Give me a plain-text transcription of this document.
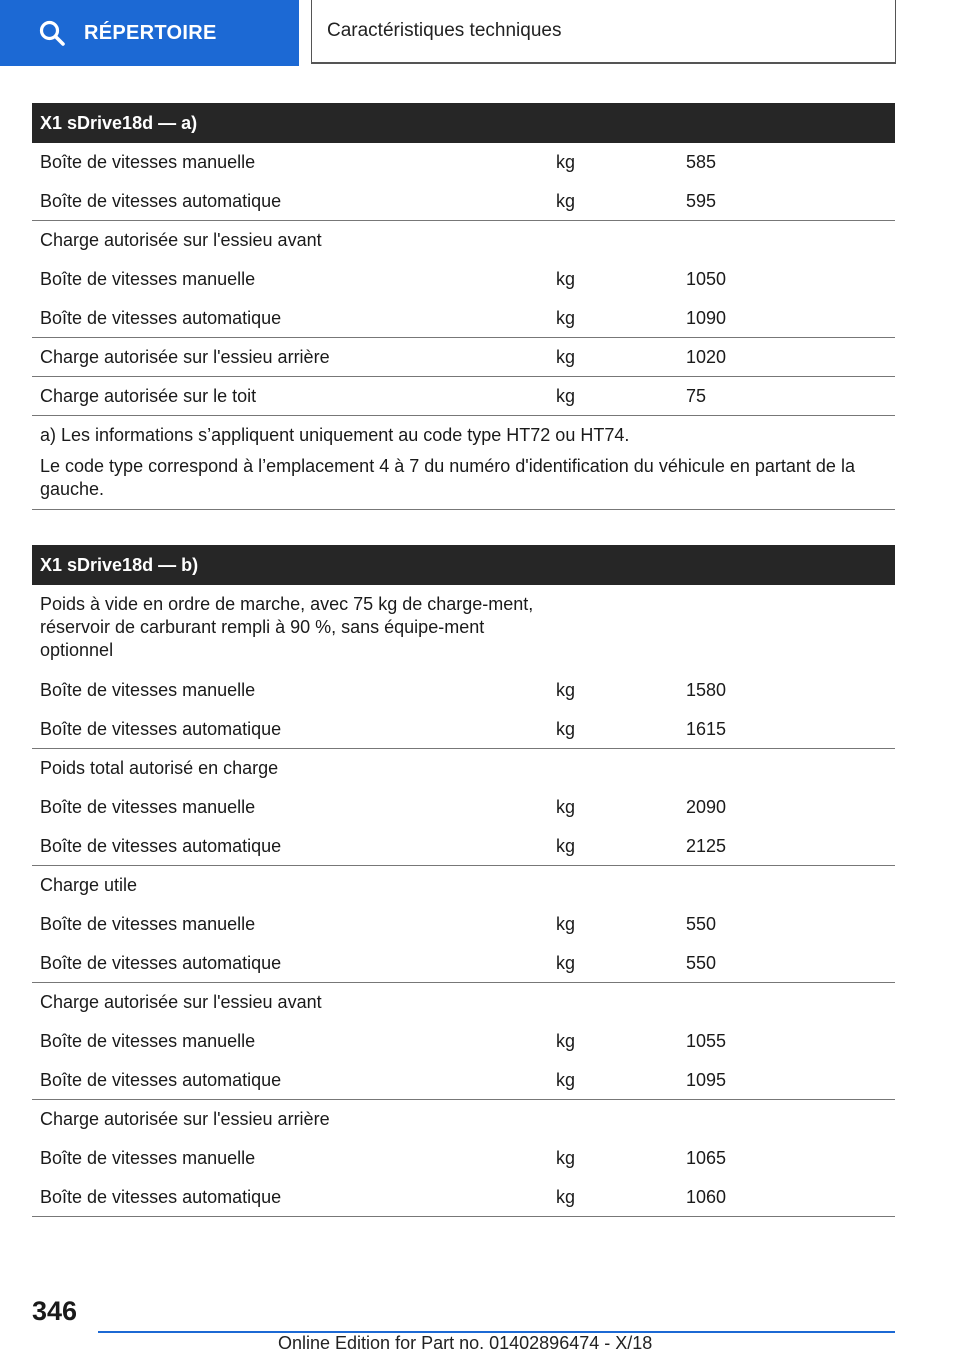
RÉPERTOIRE	Caractéristiques techniques
X1 sDrive18d — a)
Boîte de vitesses manuelle	kg	585
Boîte de vitesses automatique	kg	595
Charge autorisée sur l'essieu avant
Boîte de vitesses manuelle	kg	1050
Boîte de vitesses automatique	kg	1090
Charge autorisée sur l'essieu arrière	kg	1020
Charge autorisée sur le toit	kg	75

a) Les informations s’appliquent uniquement au code type HT72 ou HT74.

Le code type correspond à l’emplacement 4 à 7 du numéro d'identification du véhicule en partant de la gauche.

X1 sDrive18d — b)
Poids à vide en ordre de marche, avec 75 kg de charge-ment, réservoir de carburant rempli à 90 %, sans équipe-ment optionnel
Boîte de vitesses manuelle	kg	1580
Boîte de vitesses automatique	kg	1615
Poids total autorisé en charge
Boîte de vitesses manuelle	kg	2090
Boîte de vitesses automatique	kg	2125
Charge utile
Boîte de vitesses manuelle	kg	550
Boîte de vitesses automatique	kg	550
Charge autorisée sur l'essieu avant
Boîte de vitesses manuelle	kg	1055
Boîte de vitesses automatique	kg	1095
Charge autorisée sur l'essieu arrière
Boîte de vitesses manuelle	kg	1065
Boîte de vitesses automatique	kg	1060
346
Online Edition for Part no. 01402896474 - X/18
